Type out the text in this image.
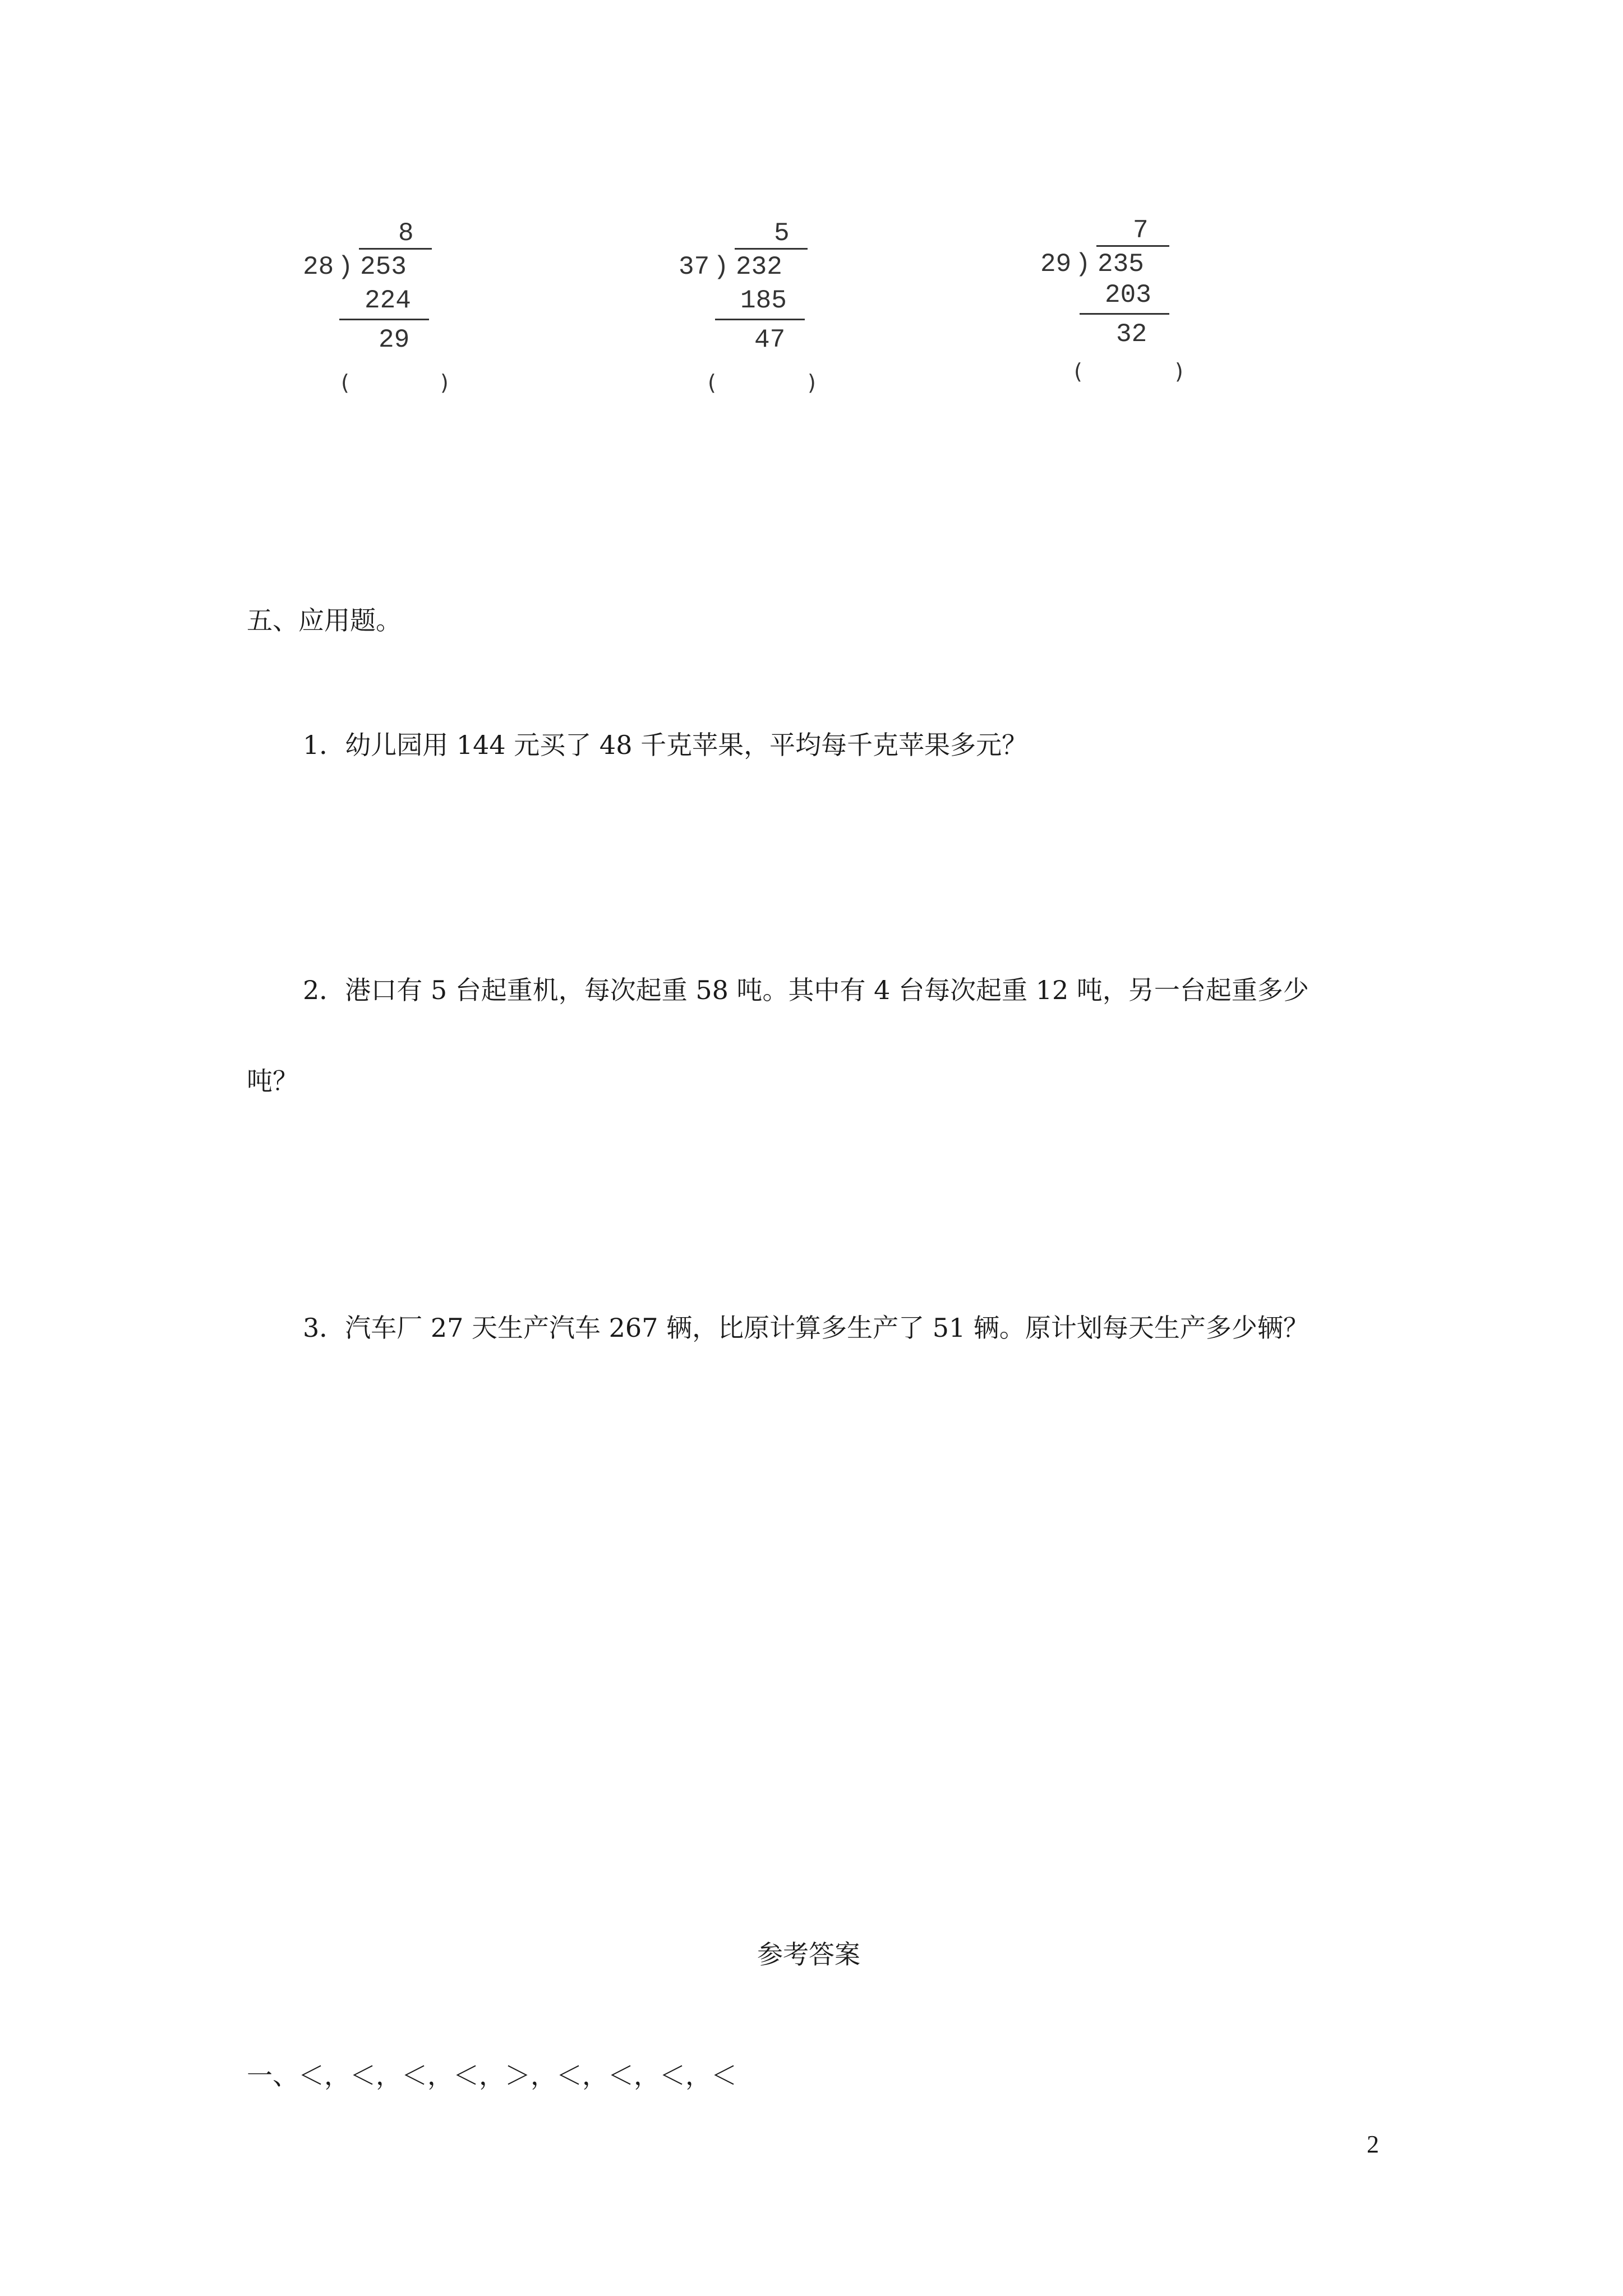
8
28 ) 253
224
29
(	)
5
37 ) 232
185
47
(	)
7
29 ) 235
203
32
(	)
五、应用题。
1．幼儿园用 144 元买了 48 千克苹果，平均每千克苹果多元？
2．港口有 5 台起重机，每次起重 58 吨。其中有 4 台每次起重 12 吨，另一台起重多少
吨？
3．汽车厂 27 天生产汽车 267 辆，比原计算多生产了 51 辆。原计划每天生产多少辆？
参考答案
一、＜，＜，＜，＜，＞，＜，＜，＜，＜
2
